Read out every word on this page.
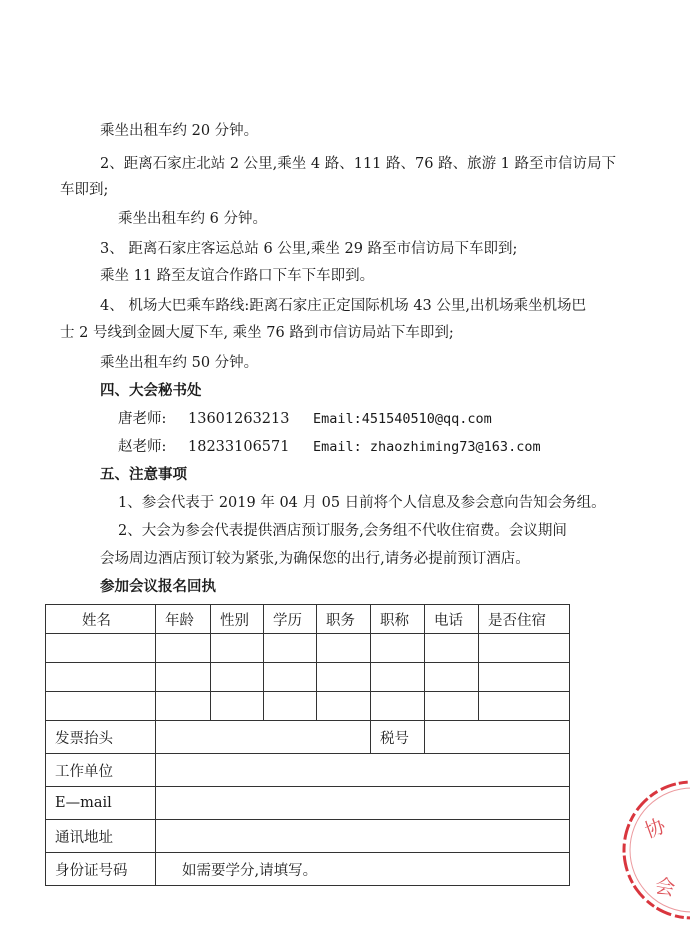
乘坐出租车约 20 分钟。
2、距离石家庄北站 2 公里,乘坐 4 路、111 路、76 路、旅游 1 路至市信访局下
车即到;
乘坐出租车约 6 分钟。
3、 距离石家庄客运总站 6 公里,乘坐 29 路至市信访局下车即到;
乘坐 11 路至友谊合作路口下车下车即到。
4、 机场大巴乘车路线:距离石家庄正定国际机场 43 公里,出机场乘坐机场巴
士 2 号线到金圆大厦下车, 乘坐 76 路到市信访局站下车即到;
乘坐出租车约 50 分钟。
四、大会秘书处
唐老师: 13601263213 Email:451540510@qq.com
赵老师: 18233106571 Email: zhaozhiming73@163.com
五、注意事项
1、参会代表于 2019 年 04 月 05 日前将个人信息及参会意向告知会务组。
2、大会为参会代表提供酒店预订服务,会务组不代收住宿费。会议期间
会场周边酒店预订较为紧张,为确保您的出行,请务必提前预订酒店。
参加会议报名回执
姓名	年龄	性别	学历	职务	职称	电话	是否住宿

发票抬头					税号		
工作单位							
E—mail							
通讯地址							
身份证号码	如需要学分,请填写。						
协
会
